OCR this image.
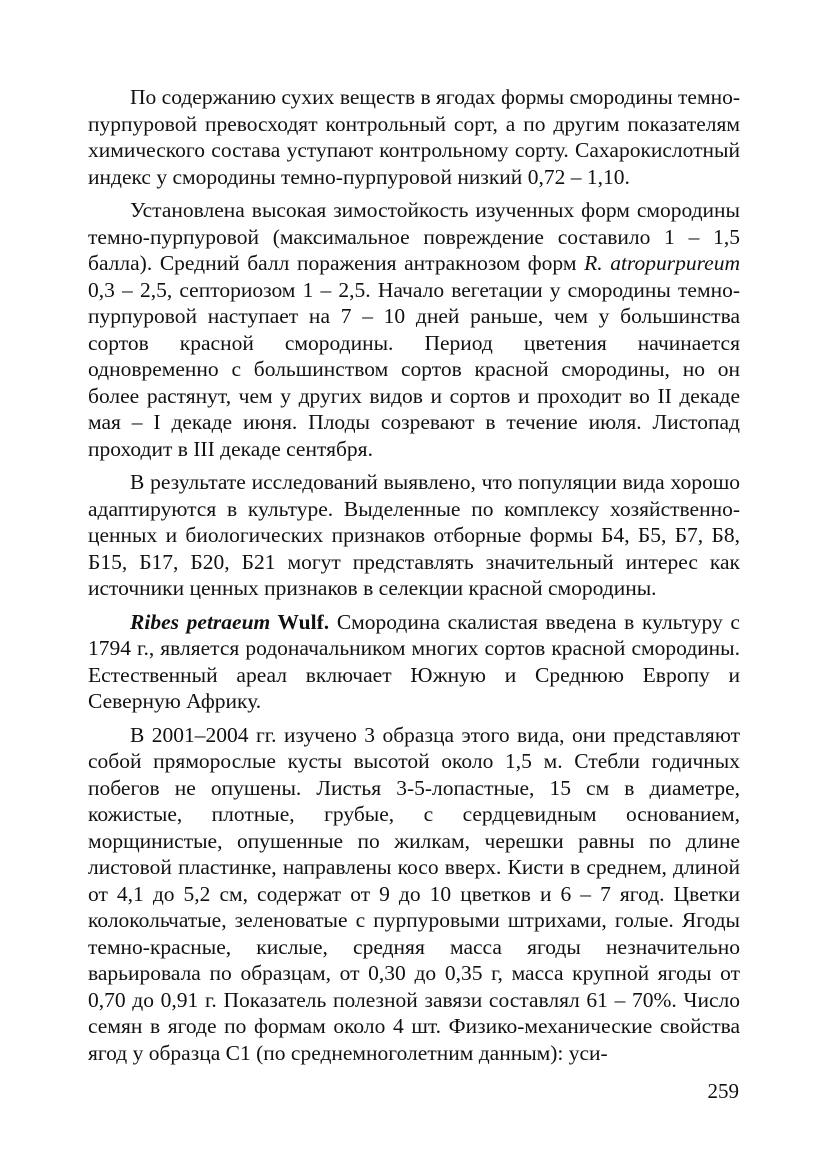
По содержанию сухих веществ в ягодах формы смородины темно-пурпуровой превосходят контрольный сорт, а по другим показателям химического состава уступают контрольному сорту. Сахарокислотный индекс у смородины темно-пурпуровой низкий 0,72 – 1,10.

Установлена высокая зимостойкость изученных форм смородины темно-пурпуровой (максимальное повреждение составило 1 – 1,5 балла). Средний балл поражения антракнозом форм R. atropurpureum 0,3 – 2,5, септориозом 1 – 2,5. Начало вегетации у смородины темно-пурпуровой наступает на 7 – 10 дней раньше, чем у большинства сортов красной смородины. Период цветения начинается одновременно с большинством сортов красной смородины, но он более растянут, чем у других видов и сортов и проходит во II декаде мая – I декаде июня. Плоды созревают в течение июля. Листопад проходит в III декаде сентября.

В результате исследований выявлено, что популяции вида хорошо адаптируются в культуре. Выделенные по комплексу хозяйственно-ценных и биологических признаков отборные формы Б4, Б5, Б7, Б8, Б15, Б17, Б20, Б21 могут представлять значительный интерес как источники ценных признаков в селекции красной смородины.

Ribes petraeum Wulf. Смородина скалистая введена в культуру с 1794 г., является родоначальником многих сортов красной смородины. Естественный ареал включает Южную и Среднюю Европу и Северную Африку.

В 2001–2004 гг. изучено 3 образца этого вида, они представляют собой пряморослые кусты высотой около 1,5 м. Стебли годичных побегов не опушены. Листья 3-5-лопастные, 15 см в диаметре, кожистые, плотные, грубые, с сердцевидным основанием, морщинистые, опушенные по жилкам, черешки равны по длине листовой пластинке, направлены косо вверх. Кисти в среднем, длиной от 4,1 до 5,2 см, содержат от 9 до 10 цветков и 6 – 7 ягод. Цветки колокольчатые, зеленоватые с пурпуровыми штрихами, голые. Ягоды темно-красные, кислые, средняя масса ягоды незначительно варьировала по образцам, от 0,30 до 0,35 г, масса крупной ягоды от 0,70 до 0,91 г. Показатель полезной завязи составлял 61 – 70%. Число семян в ягоде по формам около 4 шт. Физико-механические свойства ягод у образца С1 (по среднемноголетним данным): уси-

259
